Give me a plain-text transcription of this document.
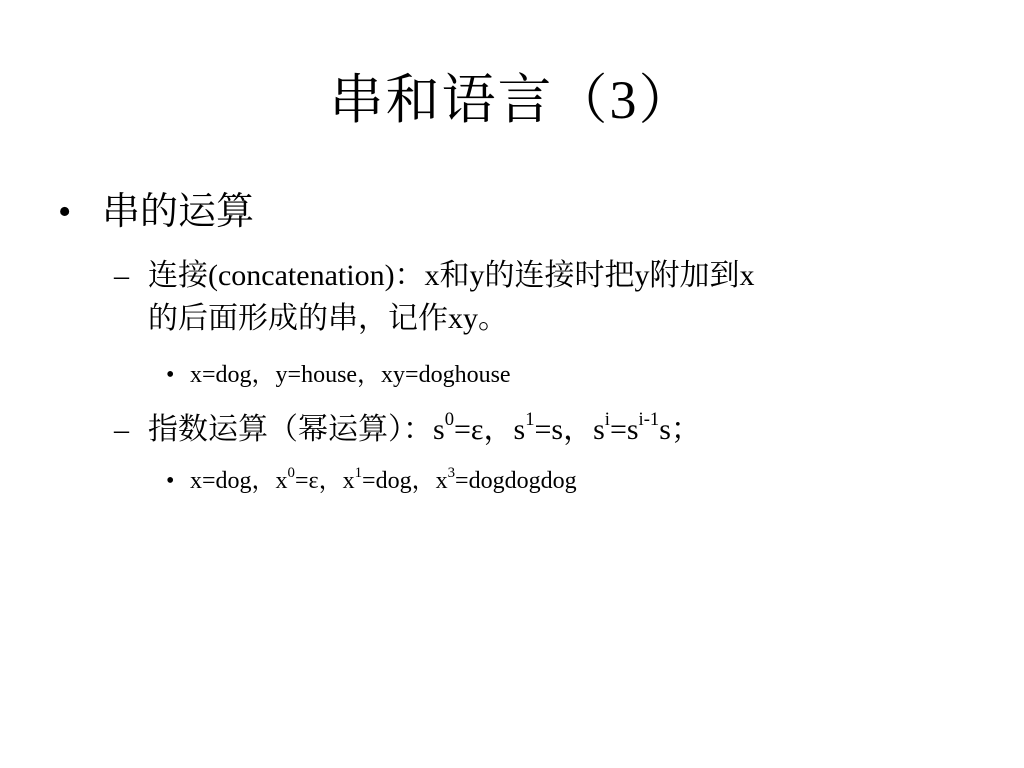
串和语言（3）
• 串的运算
– 连接(concatenation)：x和y的连接时把y附加到x
的后面形成的串，记作xy。
• x=dog，y=house，xy=doghouse
– 指数运算（幂运算）：$s^0=\varepsilon$，$s^1=s$，$s^i=s^{i-1}s$；
• x=dog，$x^0=\varepsilon$，$x^1=dog$，$x^3=dogdogdog$
